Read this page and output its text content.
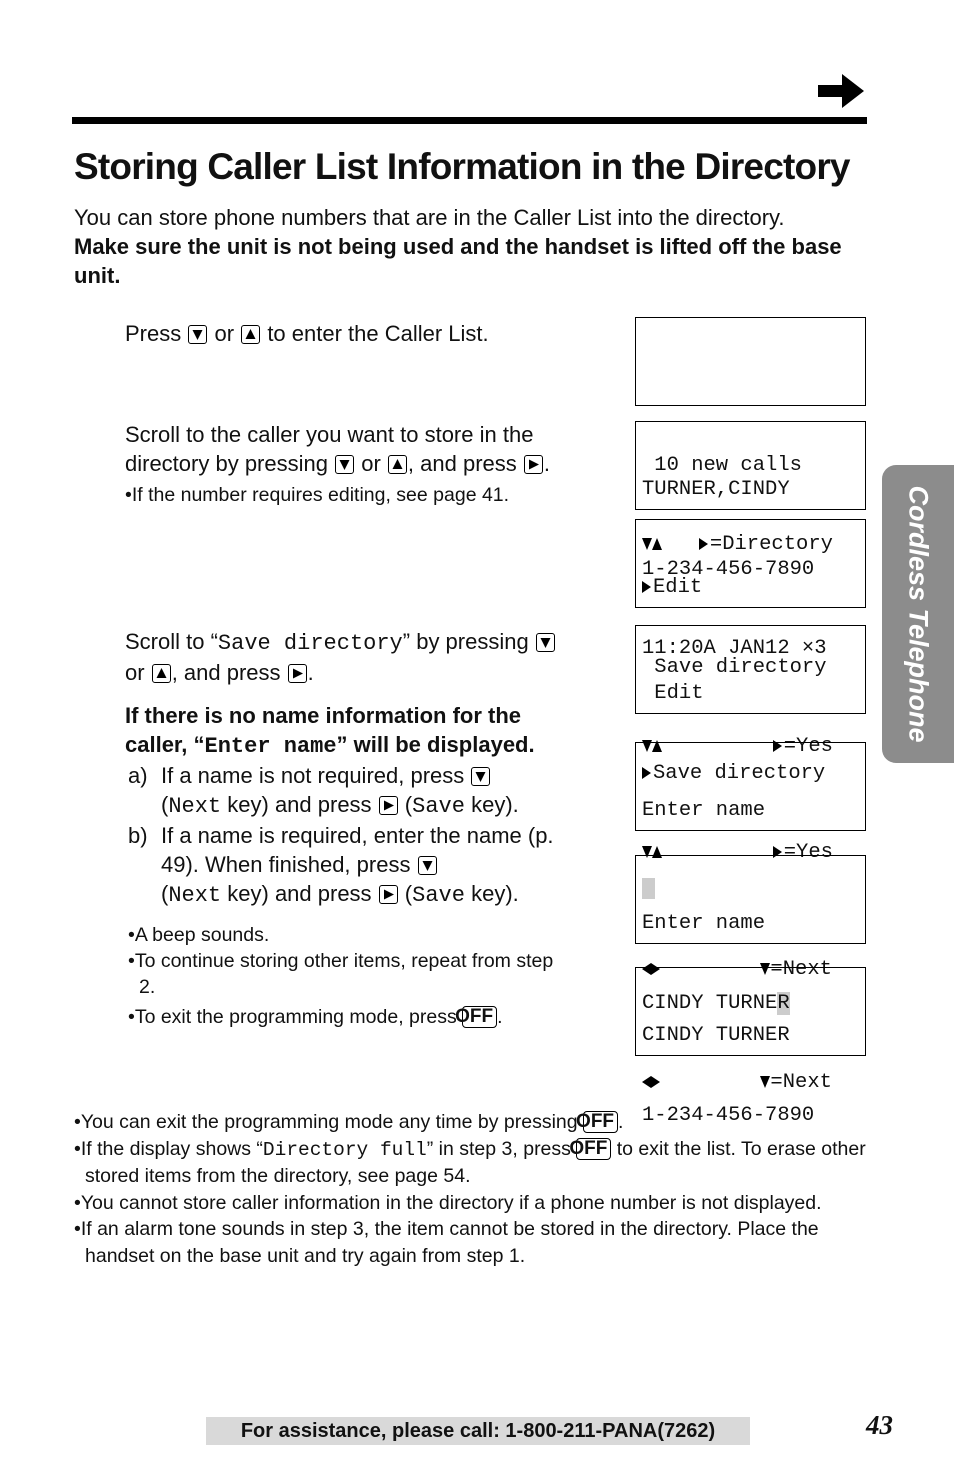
Storing Caller List Information in the Directory
You can store phone numbers that are in the Caller List into the directory.
Make sure the unit is not being used and the handset is lifted off the base unit.
Press or to enter the Caller List.
Scroll to the caller you want to store in the directory by pressing or , and press .
•If the number requires editing, see page 41.
Scroll to “Save directory” by pressing
or , and press .
If there is no name information for the caller, “Enter name” will be displayed.
a) If a name is not required, press

(Next key) and press
(Save key).
b) If a name is required, enter the name (p. 49). When finished, press

(Next key) and press
(Save key).
•A beep sounds.
•To continue storing other items, repeat from step 2.
•To exit the programming mode, press OFF .

10 new calls

=Directory

TURNER,CINDY

1-234-456-7890

11:20A JAN12 ×3

Edit

Save directory

=Yes

Edit

Save directory

=Yes

Enter name

=Next

Enter name

CINDY TURNER

=Next

CINDY TURNER

1-234-456-7890

Cordless Telephone

•You can exit the programming mode any time by pressing OFF .

•If the display shows “Directory full” in step 3, press OFF to exit the list. To erase other stored items from the directory, see page 54.

•You cannot store caller information in the directory if a phone number is not displayed.

•If an alarm tone sounds in step 3, the item cannot be stored in the directory. Place the handset on the base unit and try again from step 1.

For assistance, please call: 1-800-211-PANA(7262)	43
